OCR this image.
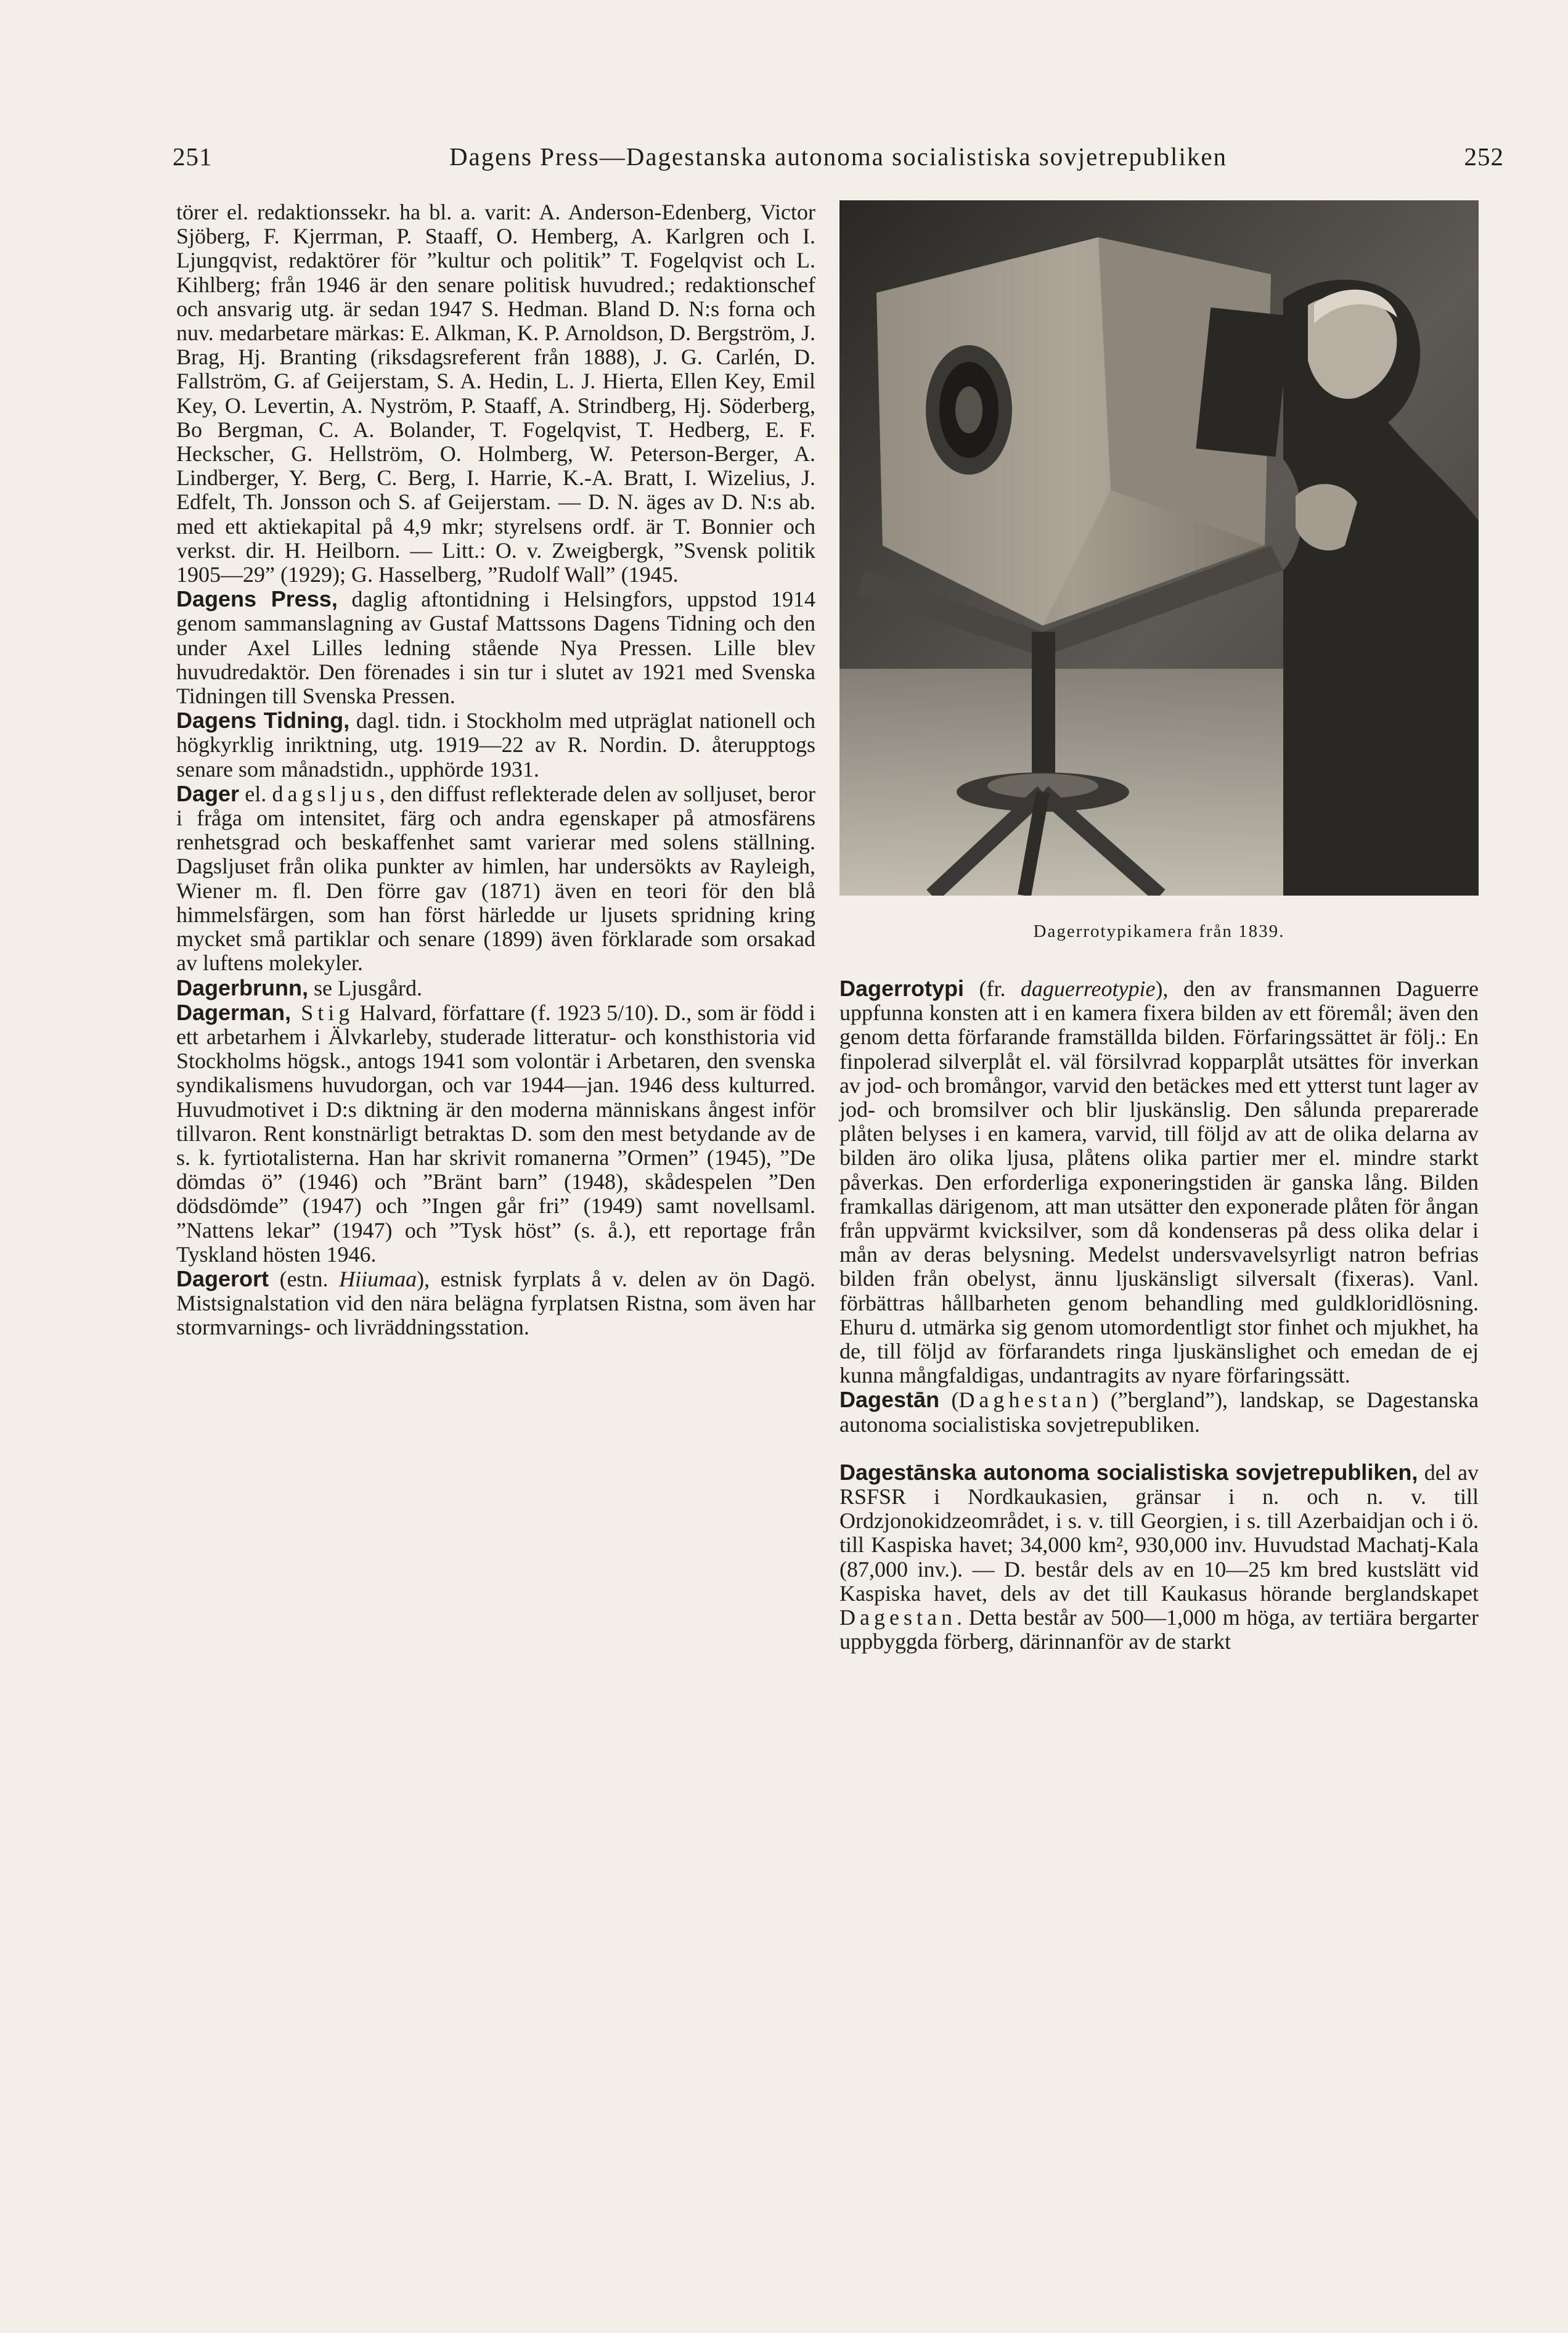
251	Dagens Press—Dagestanska autonoma socialistiska sovjetrepubliken	252

törer el. redaktionssekr. ha bl. a. varit: A. Anderson-Edenberg, Victor Sjöberg, F. Kjerrman, P. Staaff, O. Hemberg, A. Karlgren och I. Ljungqvist, redaktörer för ”kultur och politik” T. Fogelqvist och L. Kihlberg; från 1946 är den senare politisk huvudred.; redaktionschef och ansvarig utg. är sedan 1947 S. Hedman. Bland D. N:s forna och nuv. medarbetare märkas: E. Alkman, K. P. Arnoldson, D. Bergström, J. Brag, Hj. Branting (riksdagsreferent från 1888), J. G. Carlén, D. Fallström, G. af Geijerstam, S. A. Hedin, L. J. Hierta, Ellen Key, Emil Key, O. Levertin, A. Nyström, P. Staaff, A. Strindberg, Hj. Söderberg, Bo Bergman, C. A. Bolander, T. Fogelqvist, T. Hedberg, E. F. Heckscher, G. Hellström, O. Holmberg, W. Peterson-Berger, A. Lindberger, Y. Berg, C. Berg, I. Harrie, K.-A. Bratt, I. Wizelius, J. Edfelt, Th. Jonsson och S. af Geijerstam. — D. N. äges av D. N:s ab. med ett aktiekapital på 4,9 mkr; styrelsens ordf. är T. Bonnier och verkst. dir. H. Heilborn. — Litt.: O. v. Zweigbergk, ”Svensk politik 1905—29” (1929); G. Hasselberg, ”Rudolf Wall” (1945.

Dagens Press, daglig aftontidning i Helsingfors, uppstod 1914 genom sammanslagning av Gustaf Mattssons Dagens Tidning och den under Axel Lilles ledning stående Nya Pressen. Lille blev huvudredaktör. Den förenades i sin tur i slutet av 1921 med Svenska Tidningen till Svenska Pressen.

Dagens Tidning, dagl. tidn. i Stockholm med utpräglat nationell och högkyrklig inriktning, utg. 1919—22 av R. Nordin. D. återupptogs senare som månadstidn., upphörde 1931.

Dager el. dagsljus, den diffust reflekterade delen av solljuset, beror i fråga om intensitet, färg och andra egenskaper på atmosfärens renhetsgrad och beskaffenhet samt varierar med solens ställning. Dagsljuset från olika punkter av himlen, har undersökts av Rayleigh, Wiener m. fl. Den förre gav (1871) även en teori för den blå himmelsfärgen, som han först härledde ur ljusets spridning kring mycket små partiklar och senare (1899) även förklarade som orsakad av luftens molekyler.

Dagerbrunn, se Ljusgård.

Dagerman, Stig Halvard, författare (f. 1923 5/10). D., som är född i ett arbetarhem i Älvkarleby, studerade litteratur- och konsthistoria vid Stockholms högsk., antogs 1941 som volontär i Arbetaren, den svenska syndikalismens huvudorgan, och var 1944—jan. 1946 dess kulturred. Huvudmotivet i D:s diktning är den moderna människans ångest inför tillvaron. Rent konstnärligt betraktas D. som den mest betydande av de s. k. fyrtiotalisterna. Han har skrivit romanerna ”Ormen” (1945), ”De dömdas ö” (1946) och ”Bränt barn” (1948), skådespelen ”Den dödsdömde” (1947) och ”Ingen går fri” (1949) samt novellsaml. ”Nattens lekar” (1947) och ”Tysk höst” (s. å.), ett reportage från Tyskland hösten 1946.

Dagerort (estn. Hiiumaa), estnisk fyrplats å v. delen av ön Dagö. Mistsignalstation vid den nära belägna fyrplatsen Ristna, som även har stormvarnings- och livräddningsstation.

Dagerrotypikamera från 1839.

Dagerrotypi (fr. daguerreotypie), den av fransmannen Daguerre uppfunna konsten att i en kamera fixera bilden av ett föremål; även den genom detta förfarande framställda bilden. Förfaringssättet är följ.: En finpolerad silverplåt el. väl försilvrad kopparplåt utsättes för inverkan av jod- och bromångor, varvid den betäckes med ett ytterst tunt lager av jod- och bromsilver och blir ljuskänslig. Den sålunda preparerade plåten belyses i en kamera, varvid, till följd av att de olika delarna av bilden äro olika ljusa, plåtens olika partier mer el. mindre starkt påverkas. Den erforderliga exponeringstiden är ganska lång. Bilden framkallas därigenom, att man utsätter den exponerade plåten för ångan från uppvärmt kvicksilver, som då kondenseras på dess olika delar i mån av deras belysning. Medelst undersvavelsyrligt natron befrias bilden från obelyst, ännu ljuskänsligt silversalt (fixeras). Vanl. förbättras hållbarheten genom behandling med guldkloridlösning. Ehuru d. utmärka sig genom utomordentligt stor finhet och mjukhet, ha de, till följd av förfarandets ringa ljuskänslighet och emedan de ej kunna mångfaldigas, undantragits av nyare förfaringssätt.

Dagestān (Daghestan) (”bergland”), landskap, se Dagestanska autonoma socialistiska sovjetrepubliken.

Dagestānska autonoma socialistiska sovjetrepubliken, del av RSFSR i Nordkaukasien, gränsar i n. och n. v. till Ordzjonokidzeområdet, i s. v. till Georgien, i s. till Azerbaidjan och i ö. till Kaspiska havet; 34,000 km², 930,000 inv. Huvudstad Machatj-Kala (87,000 inv.). — D. består dels av en 10—25 km bred kustslätt vid Kaspiska havet, dels av det till Kaukasus hörande berglandskapet Dagestan. Detta består av 500—1,000 m höga, av tertiära bergarter uppbyggda förberg, därinnanför av de starkt
